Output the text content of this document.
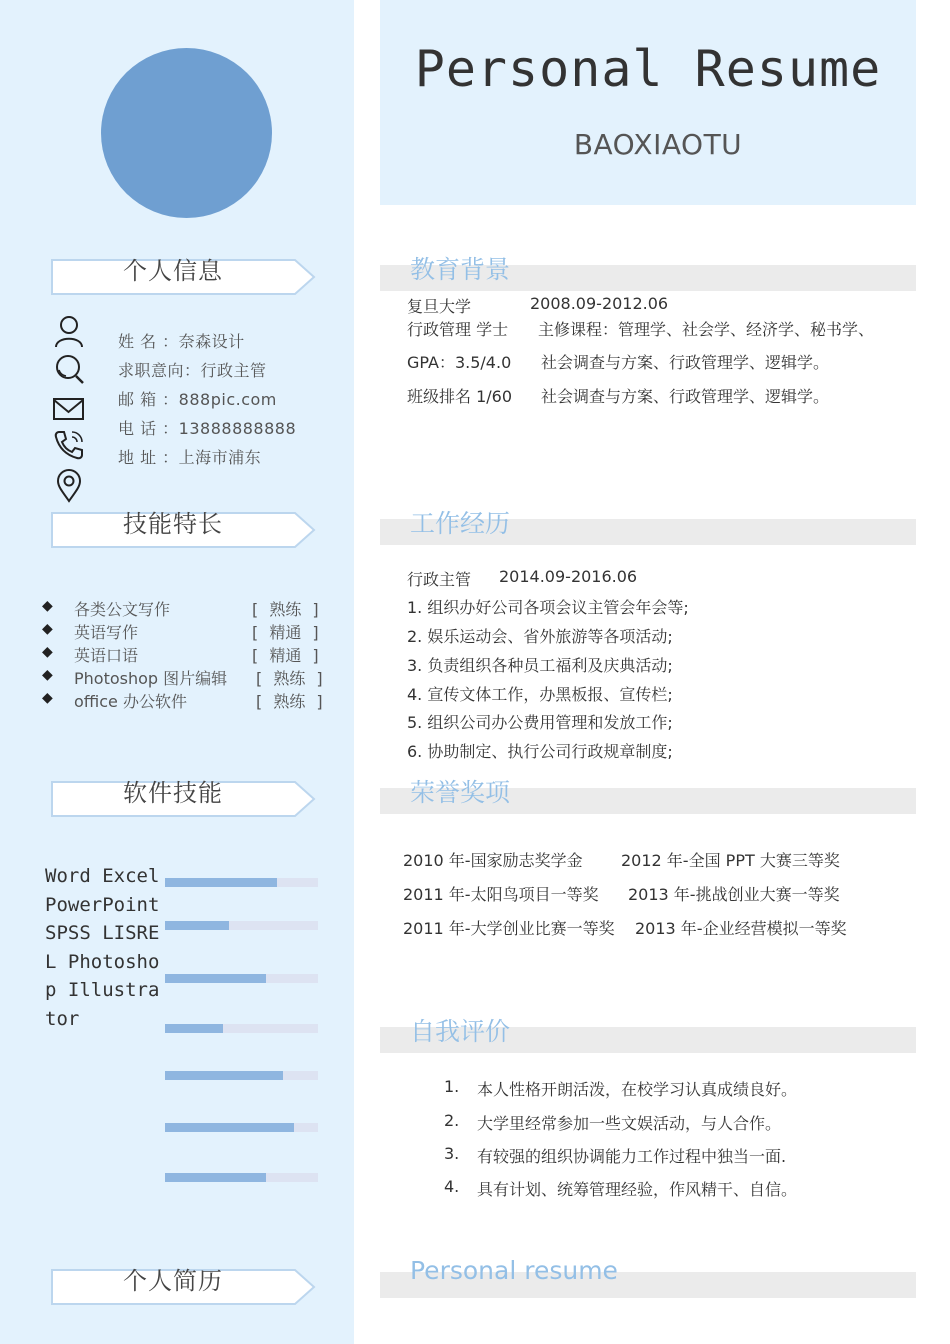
个人信息
姓 名 ：奈森设计
求职意向：行政主管
邮 箱 ：888pic.com
电 话 ：13888888888
地 址 ：上海市浦东
技能特长
◆ 各类公文写作	[ 熟练 ]
◆ 英语写作	[ 精通 ]
◆ 英语口语	[ 精通 ]
◆ Photoshop 图片编辑 [ 熟练 ]
◆ office 办公软件	[ 熟练 ]
软件技能
Word Excel PowerPoint SPSS LISREL Photoshop Illustrator
个人简历
Personal Resume
BAOXIAOTU
教育背景
复旦大学	2008.09-2012.06
行政管理 学士 主修课程：管理学、社会学、经济学、秘书学、
GPA：3.5/4.0 社会调查与方案、行政管理学、逻辑学。
班级排名 1/60 社会调查与方案、行政管理学、逻辑学。
工作经历
行政主管 2014.09-2016.06
1. 组织办好公司各项会议主管会年会等;
2. 娱乐运动会、省外旅游等各项活动;
3. 负责组织各种员工福利及庆典活动;
4. 宣传文体工作，办黑板报、宣传栏;
5. 组织公司办公费用管理和发放工作;
6. 协助制定、执行公司行政规章制度;
荣誉奖项
2010 年-国家励志奖学金 2012 年-全国 PPT 大赛三等奖
2011 年-太阳鸟项目一等奖 2013 年-挑战创业大赛一等奖
2011 年-大学创业比赛一等奖 2013 年-企业经营模拟一等奖
自我评价
1. 本人性格开朗活泼，在校学习认真成绩良好。
2. 大学里经常参加一些文娱活动，与人合作。
3. 有较强的组织协调能力工作过程中独当一面.
4. 具有计划、统筹管理经验，作风精干、自信。
Personal resume
